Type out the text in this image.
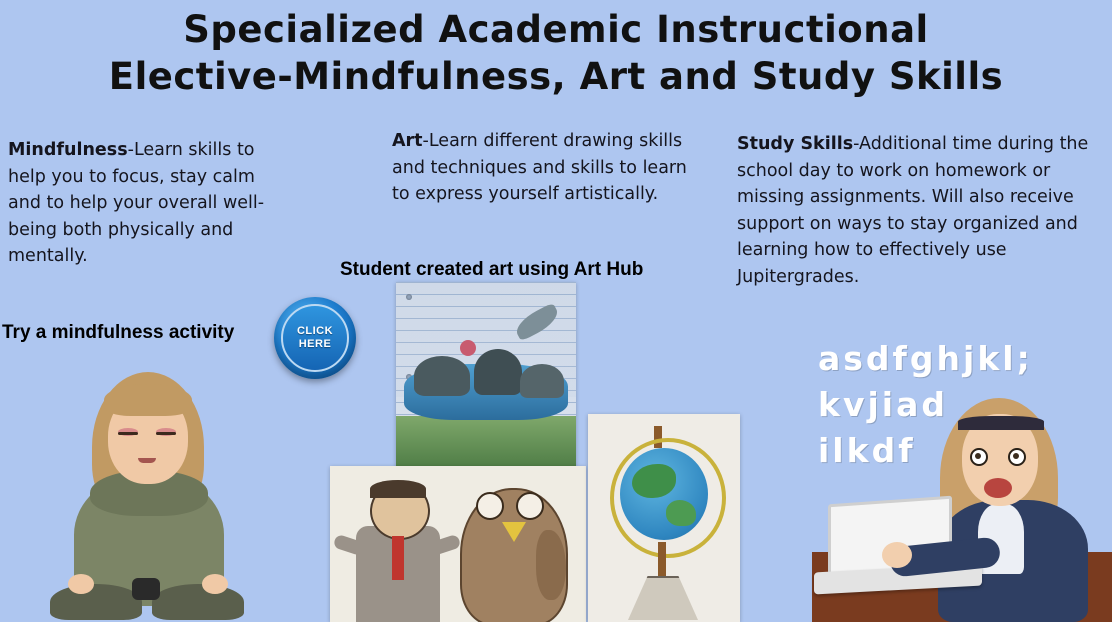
Specialized Academic Instructional
Elective-Mindfulness, Art and Study Skills
Mindfulness-Learn skills to help you to focus, stay calm and to help your overall well-being both physically and mentally.
Art-Learn different drawing skills and techniques and skills to learn to express yourself artistically.
Study Skills-Additional time during the school day to work on homework or missing assignments. Will also receive support on ways to stay organized and learning how to effectively use Jupitergrades.
Student created art using Art Hub
Try a mindfulness activity	CLICK
HERE	asdfghjkl;
kvjiad
ilkdf
